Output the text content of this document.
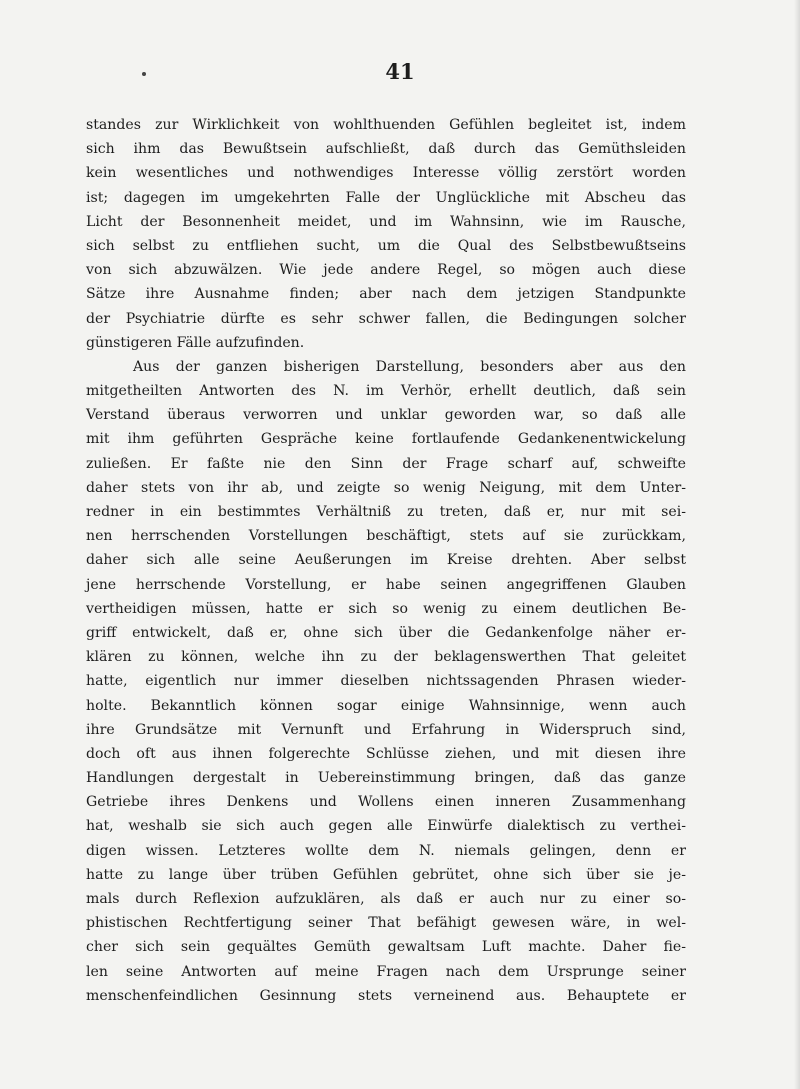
41
standes zur Wirklichkeit von wohlthuenden Gefühlen begleitet ist, indem
sich ihm das Bewußtsein aufschließt, daß durch das Gemüthsleiden
kein wesentliches und nothwendiges Interesse völlig zerstört worden
ist; dagegen im umgekehrten Falle der Unglückliche mit Abscheu das
Licht der Besonnenheit meidet, und im Wahnsinn, wie im Rausche,
sich selbst zu entfliehen sucht, um die Qual des Selbstbewußtseins
von sich abzuwälzen. Wie jede andere Regel, so mögen auch diese
Sätze ihre Ausnahme finden; aber nach dem jetzigen Standpunkte
der Psychiatrie dürfte es sehr schwer fallen, die Bedingungen solcher
günstigeren Fälle aufzufinden.
Aus der ganzen bisherigen Darstellung, besonders aber aus den
mitgetheilten Antworten des N. im Verhör, erhellt deutlich, daß sein
Verstand überaus verworren und unklar geworden war, so daß alle
mit ihm geführten Gespräche keine fortlaufende Gedankenentwickelung
zuließen. Er faßte nie den Sinn der Frage scharf auf, schweifte
daher stets von ihr ab, und zeigte so wenig Neigung, mit dem Unter-
redner in ein bestimmtes Verhältniß zu treten, daß er, nur mit sei-
nen herrschenden Vorstellungen beschäftigt, stets auf sie zurückkam,
daher sich alle seine Aeußerungen im Kreise drehten. Aber selbst
jene herrschende Vorstellung, er habe seinen angegriffenen Glauben
vertheidigen müssen, hatte er sich so wenig zu einem deutlichen Be-
griff entwickelt, daß er, ohne sich über die Gedankenfolge näher er-
klären zu können, welche ihn zu der beklagenswerthen That geleitet
hatte, eigentlich nur immer dieselben nichtssagenden Phrasen wieder-
holte. Bekanntlich können sogar einige Wahnsinnige, wenn auch
ihre Grundsätze mit Vernunft und Erfahrung in Widerspruch sind,
doch oft aus ihnen folgerechte Schlüsse ziehen, und mit diesen ihre
Handlungen dergestalt in Uebereinstimmung bringen, daß das ganze
Getriebe ihres Denkens und Wollens einen inneren Zusammenhang
hat, weshalb sie sich auch gegen alle Einwürfe dialektisch zu verthei-
digen wissen. Letzteres wollte dem N. niemals gelingen, denn er
hatte zu lange über trüben Gefühlen gebrütet, ohne sich über sie je-
mals durch Reflexion aufzuklären, als daß er auch nur zu einer so-
phistischen Rechtfertigung seiner That befähigt gewesen wäre, in wel-
cher sich sein gequältes Gemüth gewaltsam Luft machte. Daher fie-
len seine Antworten auf meine Fragen nach dem Ursprunge seiner
menschenfeindlichen Gesinnung stets verneinend aus. Behauptete er
